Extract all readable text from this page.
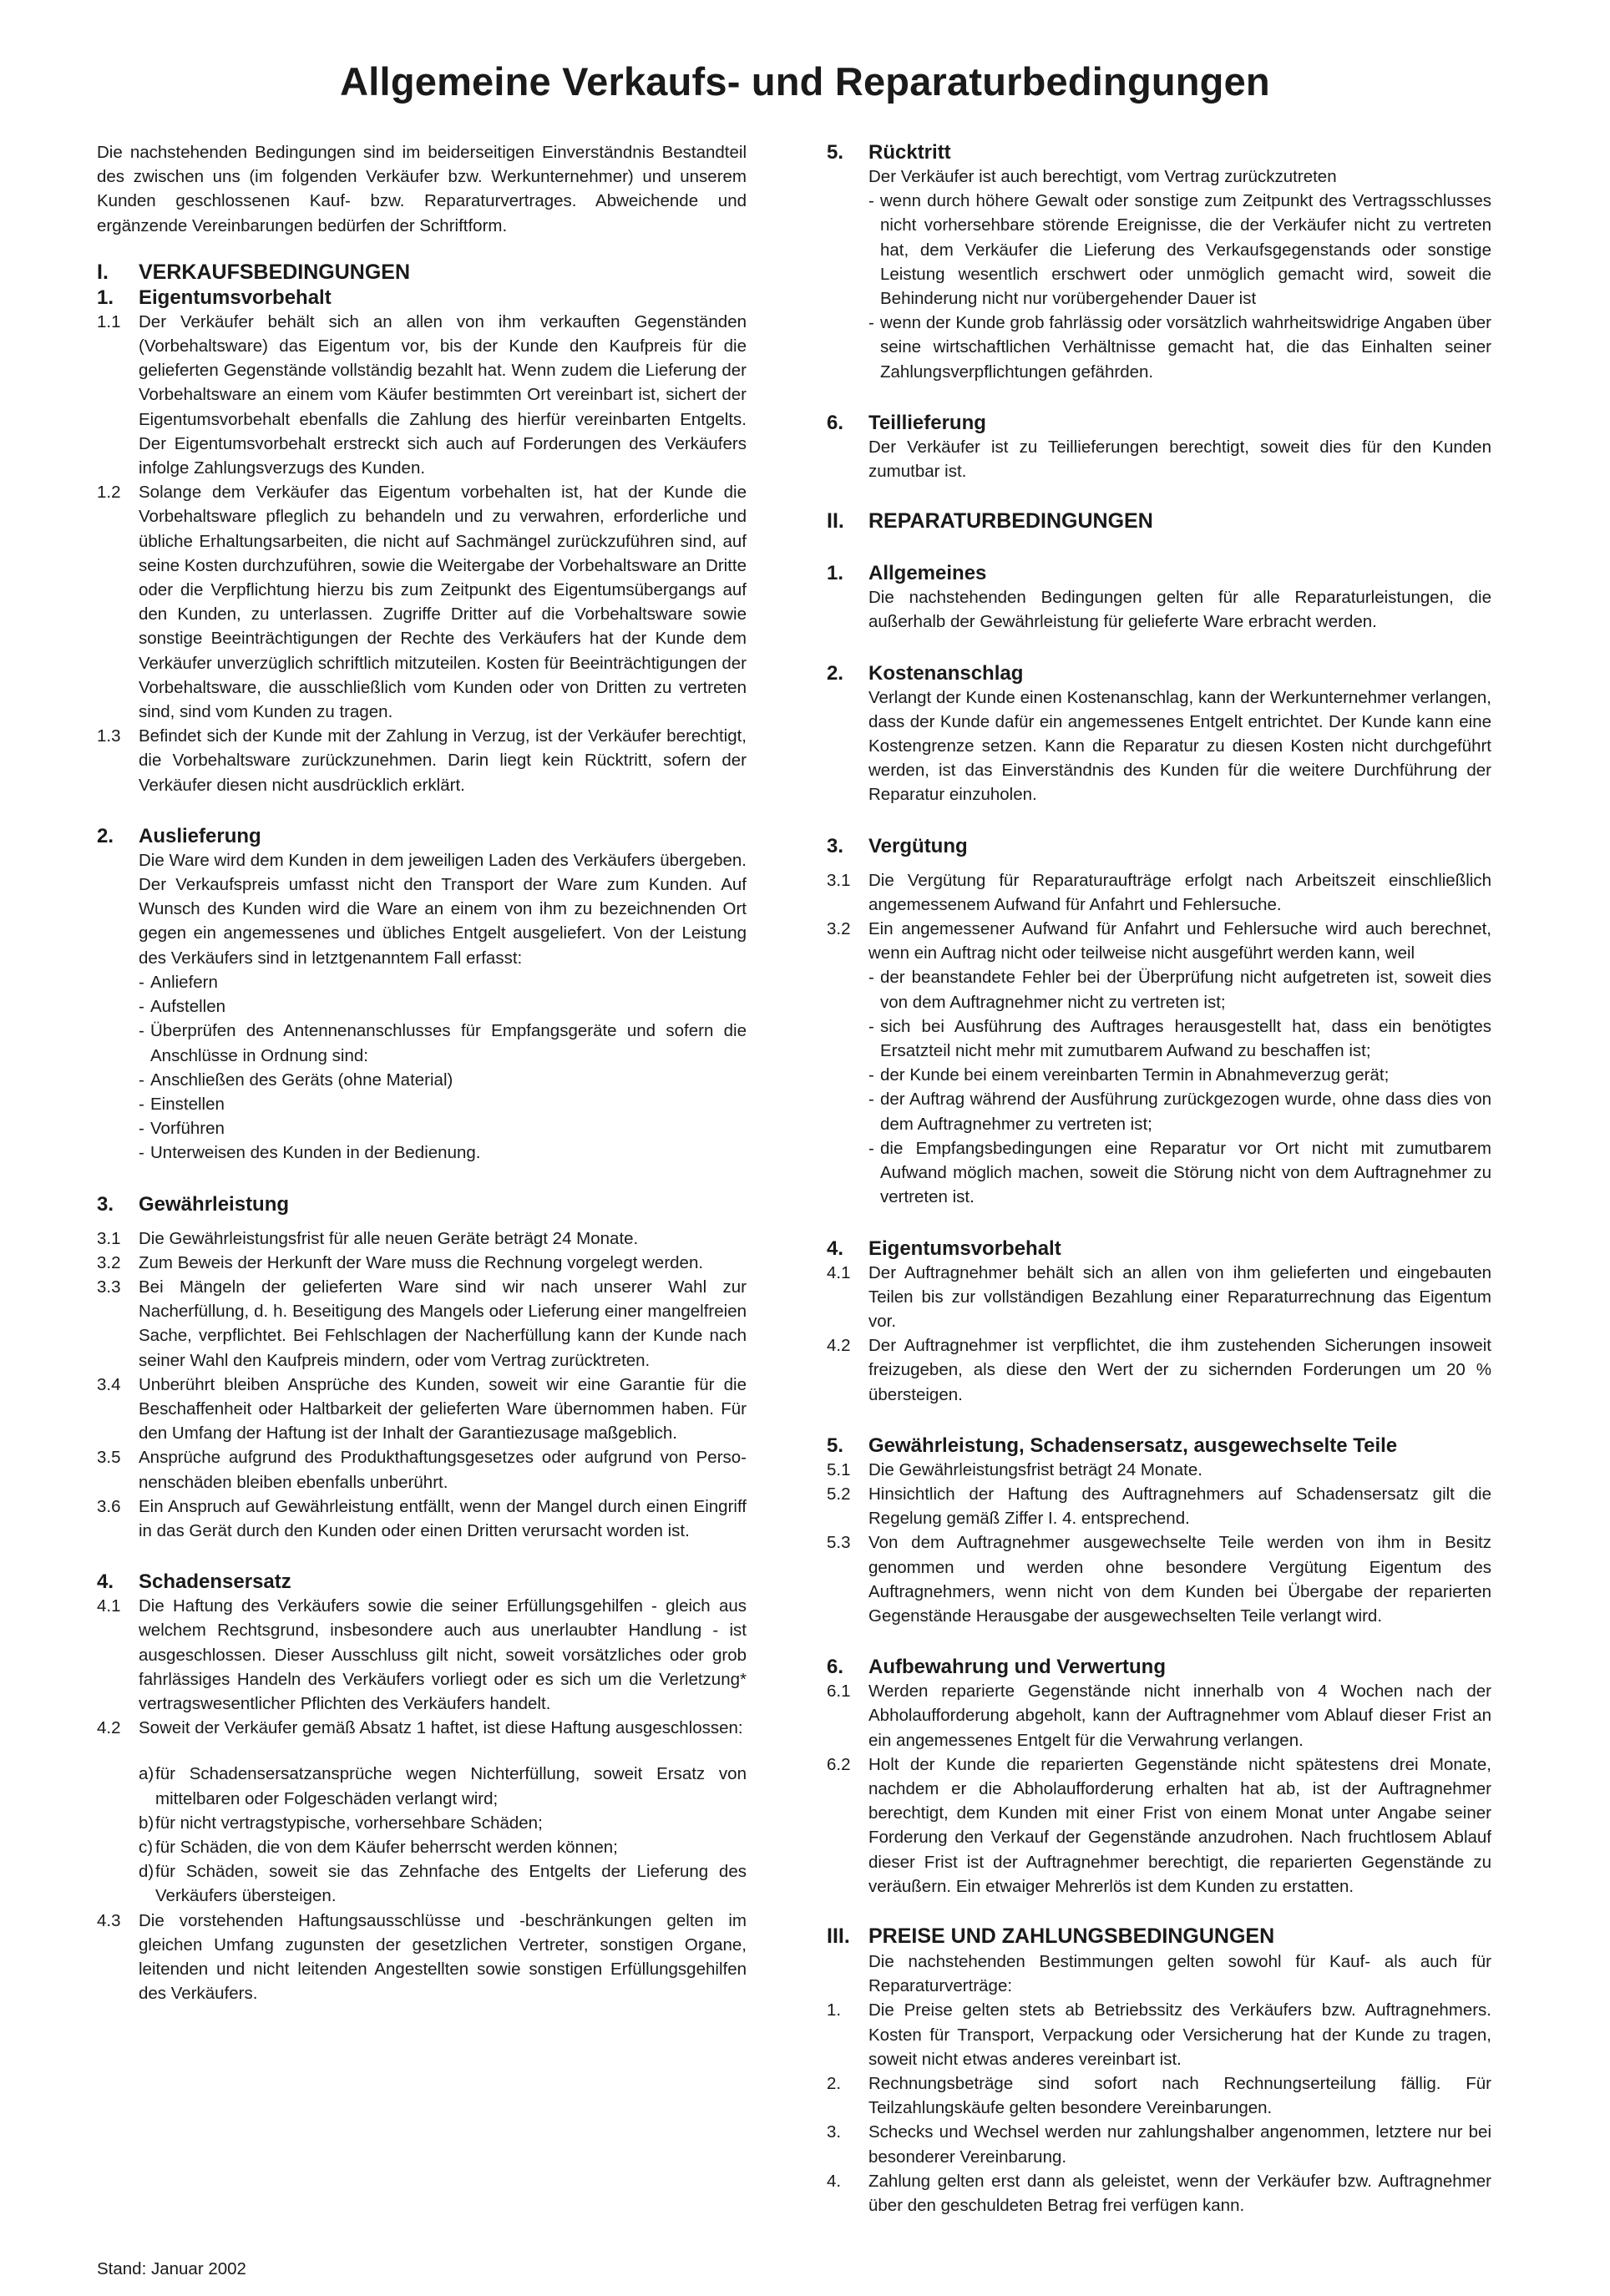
Allgemeine Verkaufs- und Reparaturbedingungen

Die nachstehenden Bedingungen sind im beiderseitigen Einverständnis Bestandteil des zwischen uns (im folgenden Verkäufer bzw. Werkunternehmer) und unserem Kunden geschlossenen Kauf- bzw. Reparaturvertrages. Abweichende und ergänzende Vereinbarungen bedürfen der Schriftform.

I. VERKAUFSBEDINGUNGEN
1. Eigentumsvorbehalt
1.1 Der Verkäufer behält sich an allen von ihm verkauften Gegenständen (Vorbehaltsware) das Eigentum vor, bis der Kunde den Kaufpreis für die gelieferten Gegenstände vollständig bezahlt hat. Wenn zudem die Lieferung der Vorbehaltsware an einem vom Käufer bestimmten Ort vereinbart ist, sichert der Eigentumsvorbehalt ebenfalls die Zahlung des hierfür vereinbarten Entgelts. Der Eigentumsvorbehalt erstreckt sich auch auf Forderungen des Verkäufers infolge Zahlungsverzugs des Kunden.
1.2 Solange dem Verkäufer das Eigentum vorbehalten ist, hat der Kunde die Vorbehaltsware pfleglich zu behandeln und zu verwahren, erforderliche und übliche Erhaltungsarbeiten, die nicht auf Sachmängel zurückzuführen sind, auf seine Kosten durchzuführen, sowie die Weitergabe der Vorbehaltsware an Dritte oder die Verpflichtung hierzu bis zum Zeitpunkt des Eigentumsübergangs auf den Kunden, zu unterlassen. Zugriffe Dritter auf die Vorbehaltsware sowie sonstige Beeinträchtigungen der Rechte des Verkäufers hat der Kunde dem Verkäufer unverzüglich schriftlich mitzuteilen. Kosten für Beeinträchtigungen der Vorbehaltsware, die ausschließlich vom Kunden oder von Dritten zu vertreten sind, sind vom Kunden zu tragen.
1.3 Befindet sich der Kunde mit der Zahlung in Verzug, ist der Verkäufer berechtigt, die Vorbehaltsware zurückzunehmen. Darin liegt kein Rücktritt, sofern der Verkäufer diesen nicht ausdrücklich erklärt.
2. Auslieferung

Die Ware wird dem Kunden in dem jeweiligen Laden des Verkäufers übergeben. Der Verkaufspreis umfasst nicht den Transport der Ware zum Kunden. Auf Wunsch des Kunden wird die Ware an einem von ihm zu bezeichnenden Ort gegen ein angemessenes und übliches Entgelt ausgeliefert. Von der Leistung des Verkäufers sind in letztgenanntem Fall erfasst:

- Anliefern
- Aufstellen
- Überprüfen des Antennenanschlusses für Empfangsgeräte und sofern die Anschlüsse in Ordnung sind:
- Anschließen des Geräts (ohne Material)
- Einstellen
- Vorführen
- Unterweisen des Kunden in der Bedienung.
3. Gewährleistung
3.1 Die Gewährleistungsfrist für alle neuen Geräte beträgt 24 Monate.
3.2 Zum Beweis der Herkunft der Ware muss die Rechnung vorgelegt werden.
3.3 Bei Mängeln der gelieferten Ware sind wir nach unserer Wahl zur Nacherfüllung, d. h. Beseitigung des Mangels oder Lieferung einer mangelfreien Sache, verpflichtet. Bei Fehlschlagen der Nacherfüllung kann der Kunde nach seiner Wahl den Kaufpreis mindern, oder vom Vertrag zurücktreten.
3.4 Unberührt bleiben Ansprüche des Kunden, soweit wir eine Garantie für die Beschaffenheit oder Haltbarkeit der gelieferten Ware übernommen haben. Für den Umfang der Haftung ist der Inhalt der Garantiezusage maßgeblich.
3.5 Ansprüche aufgrund des Produkthaftungsgesetzes oder aufgrund von Perso-nenschäden bleiben ebenfalls unberührt.
3.6 Ein Anspruch auf Gewährleistung entfällt, wenn der Mangel durch einen Eingriff in das Gerät durch den Kunden oder einen Dritten verursacht worden ist.
4. Schadensersatz
4.1 Die Haftung des Verkäufers sowie die seiner Erfüllungsgehilfen - gleich aus welchem Rechtsgrund, insbesondere auch aus unerlaubter Handlung - ist ausgeschlossen. Dieser Ausschluss gilt nicht, soweit vorsätzliches oder grob fahrlässiges Handeln des Verkäufers vorliegt oder es sich um die Verletzung* vertragswesentlicher Pflichten des Verkäufers handelt.
4.2 Soweit der Verkäufer gemäß Absatz 1 haftet, ist diese Haftung ausgeschlossen:
a) für Schadensersatzansprüche wegen Nichterfüllung, soweit Ersatz von mittelbaren oder Folgeschäden verlangt wird;
b) für nicht vertragstypische, vorhersehbare Schäden;
c) für Schäden, die von dem Käufer beherrscht werden können;
d) für Schäden, soweit sie das Zehnfache des Entgelts der Lieferung des Verkäufers übersteigen.
4.3 Die vorstehenden Haftungsausschlüsse und -beschränkungen gelten im gleichen Umfang zugunsten der gesetzlichen Vertreter, sonstigen Organe, leitenden und nicht leitenden Angestellten sowie sonstigen Erfüllungsgehilfen des Verkäufers.
5. Rücktritt

Der Verkäufer ist auch berechtigt, vom Vertrag zurückzutreten

- wenn durch höhere Gewalt oder sonstige zum Zeitpunkt des Vertragsschlusses nicht vorhersehbare störende Ereignisse, die der Verkäufer nicht zu vertreten hat, dem Verkäufer die Lieferung des Verkaufsgegenstands oder sonstige Leistung wesentlich erschwert oder unmöglich gemacht wird, soweit die Behinderung nicht nur vorübergehender Dauer ist
- wenn der Kunde grob fahrlässig oder vorsätzlich wahrheitswidrige Angaben über seine wirtschaftlichen Verhältnisse gemacht hat, die das Einhalten seiner Zahlungsverpflichtungen gefährden.
6. Teillieferung

Der Verkäufer ist zu Teillieferungen berechtigt, soweit dies für den Kunden zumutbar ist.

II. REPARATURBEDINGUNGEN
1. Allgemeines

Die nachstehenden Bedingungen gelten für alle Reparaturleistungen, die außerhalb der Gewährleistung für gelieferte Ware erbracht werden.

2. Kostenanschlag

Verlangt der Kunde einen Kostenanschlag, kann der Werkunternehmer verlangen, dass der Kunde dafür ein angemessenes Entgelt entrichtet. Der Kunde kann eine Kostengrenze setzen. Kann die Reparatur zu diesen Kosten nicht durchgeführt werden, ist das Einverständnis des Kunden für die weitere Durchführung der Reparatur einzuholen.

3. Vergütung
3.1 Die Vergütung für Reparaturaufträge erfolgt nach Arbeitszeit einschließlich angemessenem Aufwand für Anfahrt und Fehlersuche.
3.2 Ein angemessener Aufwand für Anfahrt und Fehlersuche wird auch berechnet, wenn ein Auftrag nicht oder teilweise nicht ausgeführt werden kann, weil
- der beanstandete Fehler bei der Überprüfung nicht aufgetreten ist, soweit dies von dem Auftragnehmer nicht zu vertreten ist;
- sich bei Ausführung des Auftrages herausgestellt hat, dass ein benötigtes Ersatzteil nicht mehr mit zumutbarem Aufwand zu beschaffen ist;
- der Kunde bei einem vereinbarten Termin in Abnahmeverzug gerät;
- der Auftrag während der Ausführung zurückgezogen wurde, ohne dass dies von dem Auftragnehmer zu vertreten ist;
- die Empfangsbedingungen eine Reparatur vor Ort nicht mit zumutbarem Aufwand möglich machen, soweit die Störung nicht von dem Auftragnehmer zu vertreten ist.
4. Eigentumsvorbehalt
4.1 Der Auftragnehmer behält sich an allen von ihm gelieferten und eingebauten Teilen bis zur vollständigen Bezahlung einer Reparaturrechnung das Eigentum vor.
4.2 Der Auftragnehmer ist verpflichtet, die ihm zustehenden Sicherungen insoweit freizugeben, als diese den Wert der zu sichernden Forderungen um 20 % übersteigen.
5. Gewährleistung, Schadensersatz, ausgewechselte Teile
5.1 Die Gewährleistungsfrist beträgt 24 Monate.
5.2 Hinsichtlich der Haftung des Auftragnehmers auf Schadensersatz gilt die Regelung gemäß Ziffer I. 4. entsprechend.
5.3 Von dem Auftragnehmer ausgewechselte Teile werden von ihm in Besitz genommen und werden ohne besondere Vergütung Eigentum des Auftragnehmers, wenn nicht von dem Kunden bei Übergabe der reparierten Gegenstände Herausgabe der ausgewechselten Teile verlangt wird.
6. Aufbewahrung und Verwertung
6.1 Werden reparierte Gegenstände nicht innerhalb von 4 Wochen nach der Abholaufforderung abgeholt, kann der Auftragnehmer vom Ablauf dieser Frist an ein angemessenes Entgelt für die Verwahrung verlangen.
6.2 Holt der Kunde die reparierten Gegenstände nicht spätestens drei Monate, nachdem er die Abholaufforderung erhalten hat ab, ist der Auftragnehmer berechtigt, dem Kunden mit einer Frist von einem Monat unter Angabe seiner Forderung den Verkauf der Gegenstände anzudrohen. Nach fruchtlosem Ablauf dieser Frist ist der Auftragnehmer berechtigt, die reparierten Gegenstände zu veräußern. Ein etwaiger Mehrerlös ist dem Kunden zu erstatten.
III. PREISE UND ZAHLUNGSBEDINGUNGEN

Die nachstehenden Bestimmungen gelten sowohl für Kauf- als auch für Reparaturverträge:

1. Die Preise gelten stets ab Betriebssitz des Verkäufers bzw. Auftragnehmers. Kosten für Transport, Verpackung oder Versicherung hat der Kunde zu tragen, soweit nicht etwas anderes vereinbart ist.
2. Rechnungsbeträge sind sofort nach Rechnungserteilung fällig. Für Teilzahlungskäufe gelten besondere Vereinbarungen.
3. Schecks und Wechsel werden nur zahlungshalber angenommen, letztere nur bei besonderer Vereinbarung.
4. Zahlung gelten erst dann als geleistet, wenn der Verkäufer bzw. Auftragnehmer über den geschuldeten Betrag frei verfügen kann.
Stand: Januar 2002
